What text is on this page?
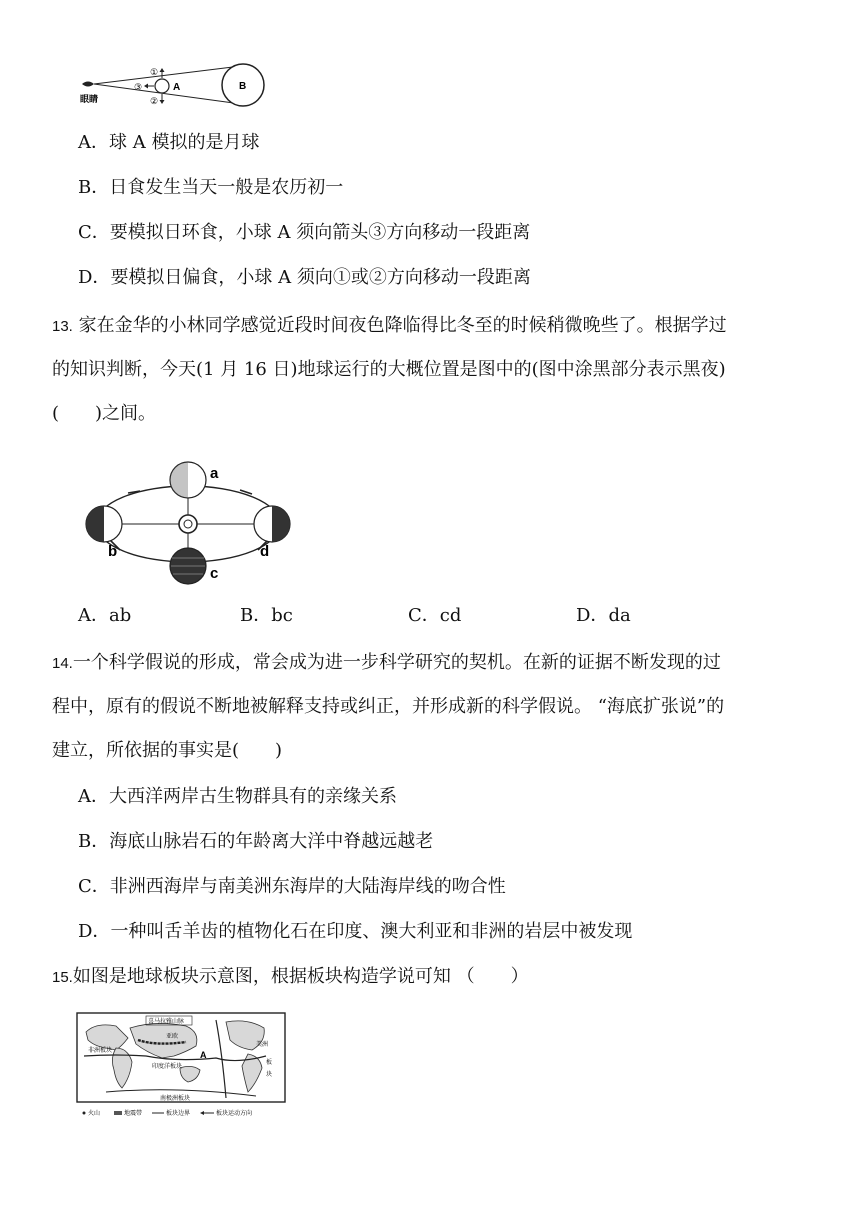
眼睛
A	B
①
③
②
A．球 A 模拟的是月球
B．日食发生当天一般是农历初一
C．要模拟日环食，小球 A 须向箭头③方向移动一段距离
D．要模拟日偏食，小球 A 须向①或②方向移动一段距离
13. 家在金华的小林同学感觉近段时间夜色降临得比冬至的时候稍微晚些了。根据学过
的知识判断，今天(1 月 16 日)地球运行的大概位置是图中的(图中涂黑部分表示黑夜)
(　　)之间。
a
b
c
d
A．ab	B．bc	C．cd	D．da
14.一个科学假说的形成，常会成为进一步科学研究的契机。在新的证据不断发现的过
程中，原有的假说不断地被解释支持或纠正，并形成新的科学假说。 “海底扩张说”的
建立，所依据的事实是(　　)
A．大西洋两岸古生物群具有的亲缘关系
B．海底山脉岩石的年龄离大洋中脊越远越老
C．非洲西海岸与南美洲东海岸的大陆海岸线的吻合性
D．一种叫舌羊齿的植物化石在印度、澳大利亚和非洲的岩层中被发现
15.如图是地球板块示意图，根据板块构造学说可知 （　　）
喜马拉雅山脉
亚欧
非洲板块
印度洋板块
A
美洲
板
块
南极洲板块
火山	地震带	板块边界	板块运动方向
